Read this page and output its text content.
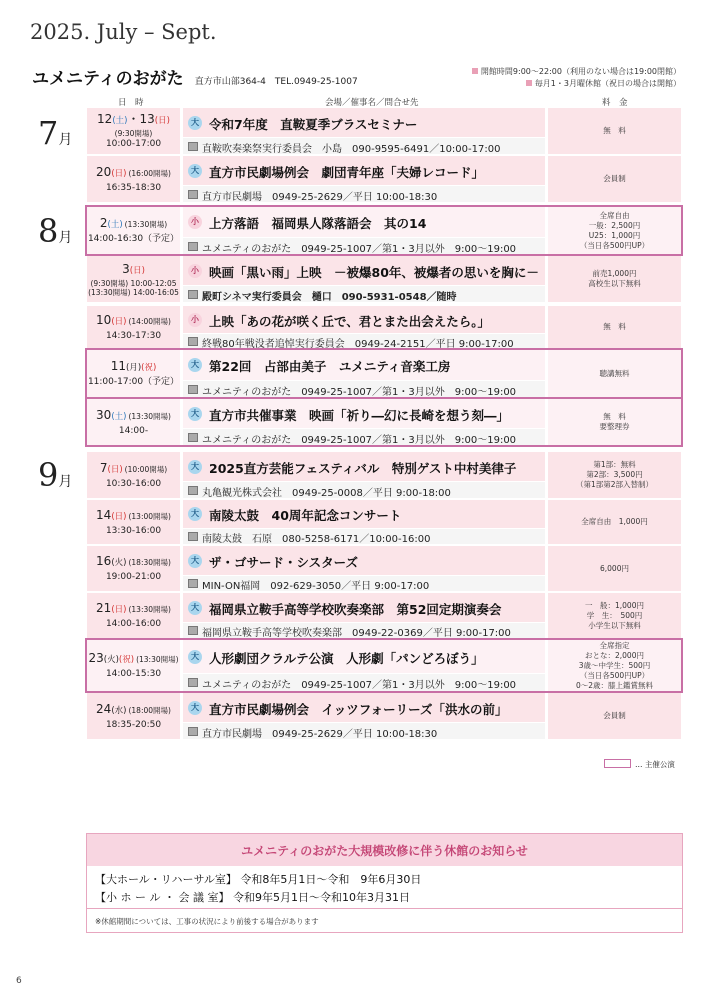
2025. July – Sept.
ユメニティのおがた 直方市山部364-4　TEL.0949-25-1007
開館時間9:00～22:00（利用のない場合は19:00閉館）
毎月1・3月曜休館（祝日の場合は開館）
日　時	会場／催事名／問合せ先	料　金
7月
8月
9月
12(土)・13(日)
(9:30開場)
10:00-17:00
大 令和7年度　直鞍夏季ブラスセミナー
直鞍吹奏楽祭実行委員会　小島　090-9595-6491／10:00-17:00
無　料
20(日) (16:00開場)
16:35-18:30
大 直方市民劇場例会　劇団青年座「夫婦レコード」
直方市民劇場　0949-25-2629／平日 10:00-18:30
会員制
2(土) (13:30開場)
14:00-16:30（予定）
小 上方落語　福岡県人隊落語会　其の14
ユメニティのおがた　0949-25-1007／第1・3月以外　9:00～19:00
全席自由
一般：2,500円
U25：1,000円
（当日各500円UP）
3(日)
(9:30開場) 10:00-12:05
(13:30開場) 14:00-16:05
小 映画「黒い雨」上映　－被爆80年、被爆者の思いを胸に－
殿町シネマ実行委員会　樋口　090-5931-0548／随時
前売1,000円
高校生以下無料
10(日) (14:00開場)
14:30-17:30
小 上映「あの花が咲く丘で、君とまた出会えたら。」
終戦80年戦没者追悼実行委員会　0949-24-2151／平日 9:00-17:00
無　料
11(月)(祝)
11:00-17:00（予定）
大 第22回　占部由美子　ユメニティ音楽工房
ユメニティのおがた　0949-25-1007／第1・3月以外　9:00～19:00
聴講無料
30(土) (13:30開場)
14:00-
大 直方市共催事業　映画「祈り―幻に長崎を想う刻―」
ユメニティのおがた　0949-25-1007／第1・3月以外　9:00～19:00
無　料
要整理券
7(日) (10:00開場)
10:30-16:00
大 2025直方芸能フェスティバル　特別ゲスト中村美律子
丸亀観光株式会社　0949-25-0008／平日 9:00-18:00
第1部：無料
第2部：3,500円
（第1部第2部入替制）
14(日) (13:00開場)
13:30-16:00
大 南陵太鼓　40周年記念コンサート
南陵太鼓　石原　080-5258-6171／10:00-16:00
全席自由　1,000円
16(火) (18:30開場)
19:00-21:00
大 ザ・ゴサード・シスターズ
MIN-ON福岡　092-629-3050／平日 9:00-17:00
6,000円
21(日) (13:30開場)
14:00-16:00
大 福岡県立鞍手高等学校吹奏楽部　第52回定期演奏会
福岡県立鞍手高等学校吹奏楽部　0949-22-0369／平日 9:00-17:00
一　般：1,000円
学　生：　500円
小学生以下無料
23(火)(祝) (13:30開場)
14:00-15:30
大 人形劇団クラルテ公演　人形劇「パンどろぼう」
ユメニティのおがた　0949-25-1007／第1・3月以外　9:00～19:00
全席指定
おとな：2,000円
3歳～中学生：500円
（当日各500円UP）
0～2歳：膝上鑑賞無料
24(水) (18:00開場)
18:35-20:50
大 直方市民劇場例会　イッツフォーリーズ「洪水の前」
直方市民劇場　0949-25-2629／平日 10:00-18:30
会員制
… 主催公演
ユメニティのおがた大規模改修に伴う休館のお知らせ
【大ホール・リハーサル室】 令和8年5月1日～令和　9年6月30日
【小 ホ ー ル ・ 会 議 室】 令和9年5月1日～令和10年3月31日
※休館期間については、工事の状況により前後する場合があります
6
